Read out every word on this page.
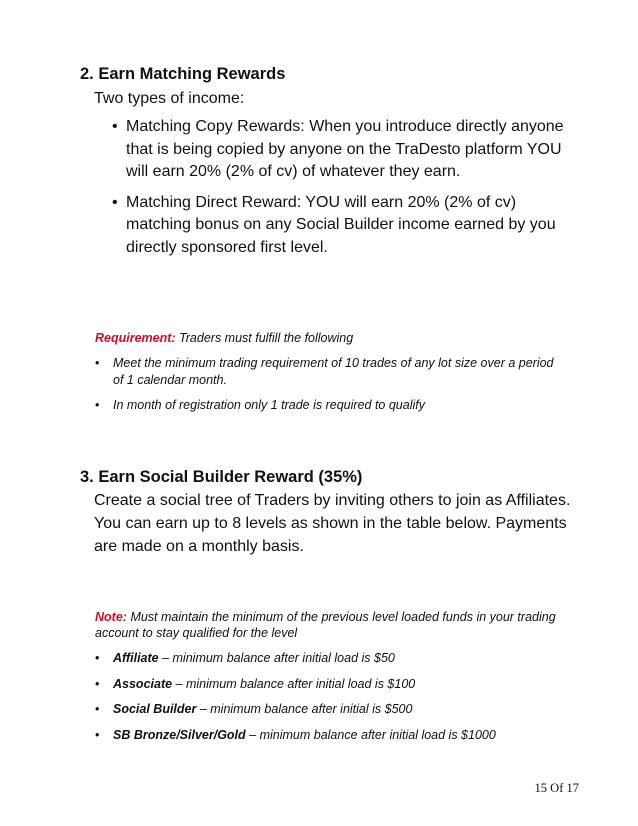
2. Earn Matching Rewards

Two types of income:

• Matching Copy Rewards: When you introduce directly anyone that is being copied by anyone on the TraDesto platform YOU will earn 20% (2% of cv) of whatever they earn.
• Matching Direct Reward: YOU will earn 20% (2% of cv) matching bonus on any Social Builder income earned by you directly sponsored first level.

Requirement: Traders must fulfill the following

• Meet the minimum trading requirement of 10 trades of any lot size over a period of 1 calendar month.
• In month of registration only 1 trade is required to qualify

3. Earn Social Builder Reward (35%)

Create a social tree of Traders by inviting others to join as Affiliates. You can earn up to 8 levels as shown in the table below. Payments are made on a monthly basis.

Note: Must maintain the minimum of the previous level loaded funds in your trading account to stay qualified for the level

• Affiliate – minimum balance after initial load is $50
• Associate – minimum balance after initial load is $100
• Social Builder – minimum balance after initial is $500
• SB Bronze/Silver/Gold – minimum balance after initial load is $1000
15 Of 17
